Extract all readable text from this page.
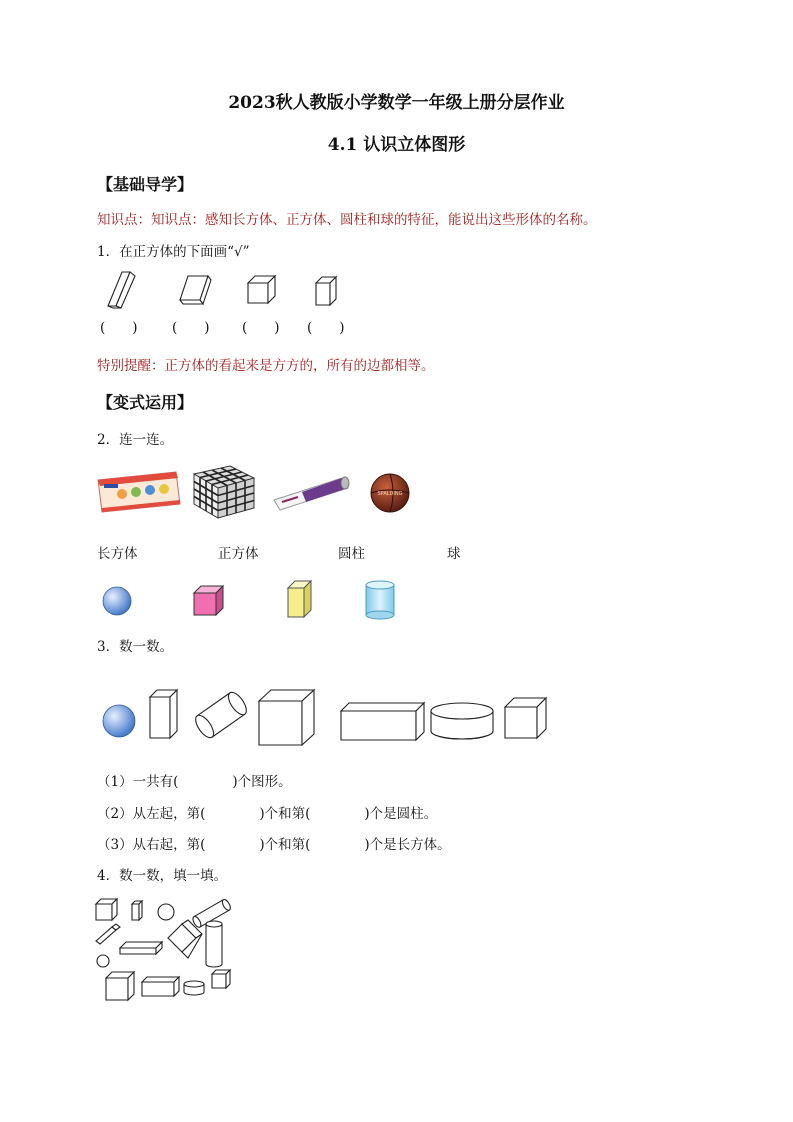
2023秋人教版小学数学一年级上册分层作业
4.1 认识立体图形
【基础导学】
知识点：知识点：感知长方体、正方体、圆柱和球的特征，能说出这些形体的名称。
1．在正方体的下面画“√”
(　　)	(　　) (　　) (　　)
特别提醒：正方体的看起来是方方的，所有的边都相等。
【变式运用】
2．连一连。
SPALDING
长方体	正方体	圆柱	球
3．数一数。
（1）一共有(　　　　)个图形。
（2）从左起，第(　　　　)个和第(　　　　)个是圆柱。
（3）从右起，第(　　　　)个和第(　　　　)个是长方体。
4．数一数，填一填。
